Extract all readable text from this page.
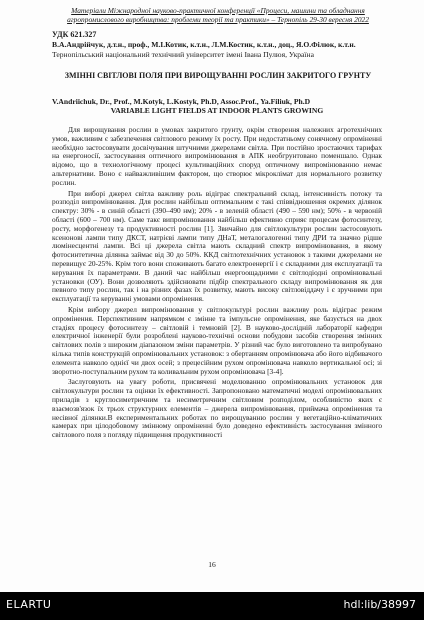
Матеріали Міжнародної науково-практичної конференції «Процеси, машини та обладнання
агропромислового виробництва: проблеми теорії та практики» – Тернопіль 29-30 вересня 2022
УДК 621.327
В.А.Андрійчук, д.т.н., проф., М.І.Котик, к.т.н., Л.М.Костик, к.т.н., доц., Я.О.Філюк, к.т.н.
Тернопільський національний технічний університет імені Івана Пулюя, Україна
ЗМІННІ СВІТЛОВІ ПОЛЯ ПРИ ВИРОЩУВАННІ РОСЛИН ЗАКРИТОГО ГРУНТУ
V.Andriichuk, Dr., Prof., M.Kotyk, L.Kostyk, Ph.D, Assoc.Prof., Ya.Filiuk, Ph.D
VARIABLE LIGHT FIELDS AT INDOOR PLANTS GROWING

Для вирощування рослин в умовах закритого грунту, окрім створення належних агротехнічних умов, важливим є забезпечення світлового режиму їх росту. При недостатньому сонячному опроміненні необхідно застосовувати досвічування штучними джерелами світла. При постійно зростаючих тарифах на енергоносії, застосування оптичного випромінювання в АПК необгрунтовано поменшало. Однак відомо, що в технологічному процесі культиваційних споруд оптичному випромінюванню немає альтернативи. Воно є найважливішим фактором, що створює мікроклімат для нормального розвитку рослин.

При виборі джерел світла важливу роль відіграє спектральний склад, інтенсивність потоку та розподіл випромінювання. Для рослин найбільш оптимальним є такі співвідношення окремих ділянок спектру: 30% - в синій області (390–490 нм); 20% - в зеленій області (490 – 590 нм); 50% - в червоній області (600 – 700 нм). Саме такє випромінювання найбільш ефективно сприяє процесам фотосинтезу, росту, морфогенезу та продуктивності рослин [1]. Звичайно для світлокультури рослин застосовують ксенонові лампи типу ДКСТ, натрієві лампи типу ДНаТ, металогалогенні типу ДРИ та значно рідше люмінесцентні лампи. Всі ці джерела світла мають складний спектр випромінювання, в якому фотосинтетична ділянка займає від 30 до 50%. ККД світлотехнічних установок з такими джерелами не перевищує 20-25%. Крім того вони споживають багато електроенергії і є складними для експлуатації та керування їх параметрами. В даний час найбільш енергоощадними є світлодіодні опромінювальні установки (ОУ). Вони дозволяють здійснювати підбір спектрального складу випромінювання як для певного типу рослин, так і на різних фазах їх розвитку, мають високу світловіддачу і є зручними при експлуатації та керуванні умовами опромінення.

Крім вибору джерел випромінювання у світлокультурі рослин важливу роль відіграє режим опромінення. Перспективним напрямком є змінне та імпульсне опромінення, яке базується на двох стадіях процесу фотосинтезу – світловій і темновій [2]. В науково-дослідній лабораторії кафедри електричної інженерії були розроблені науково-технічні основи побудови засобів створення змінних світлових полів з широким діапазоном зміни параметрів. У різний час було виготовлено та випробувано кілька типів конструкцій опромінювальних установок: з обертанням опромінювача або його відбивачого елемента навколо однієї чи двох осей; з прецесійним рухом опромінювача навколо вертикальної осі; зі зворотно-поступальним рухом та коливальним рухом опромінювача [3-4].

Заслуговують на увагу роботи, присвячені моделюванню опромінювальних установок для світлокультури рослин та оцінки їх ефективності. Запропоновано математичні моделі опромінювальних приладів з круглосиметричним та несиметричним світловим розподілом, особливістю яких є взаємозв'язок їх трьох структурних елементів – джерела випромінювання, приймача опромінення та несівної ділянки.В експериментальних роботах по вирощуванню рослин у вегетаційно-кліматичних камерах при цілодобовому змінному опроміненні було доведено ефективність застосування змінного світлового поля з погляду підвищення продуктивності

16
ELARTU	hdl:lib/38997
